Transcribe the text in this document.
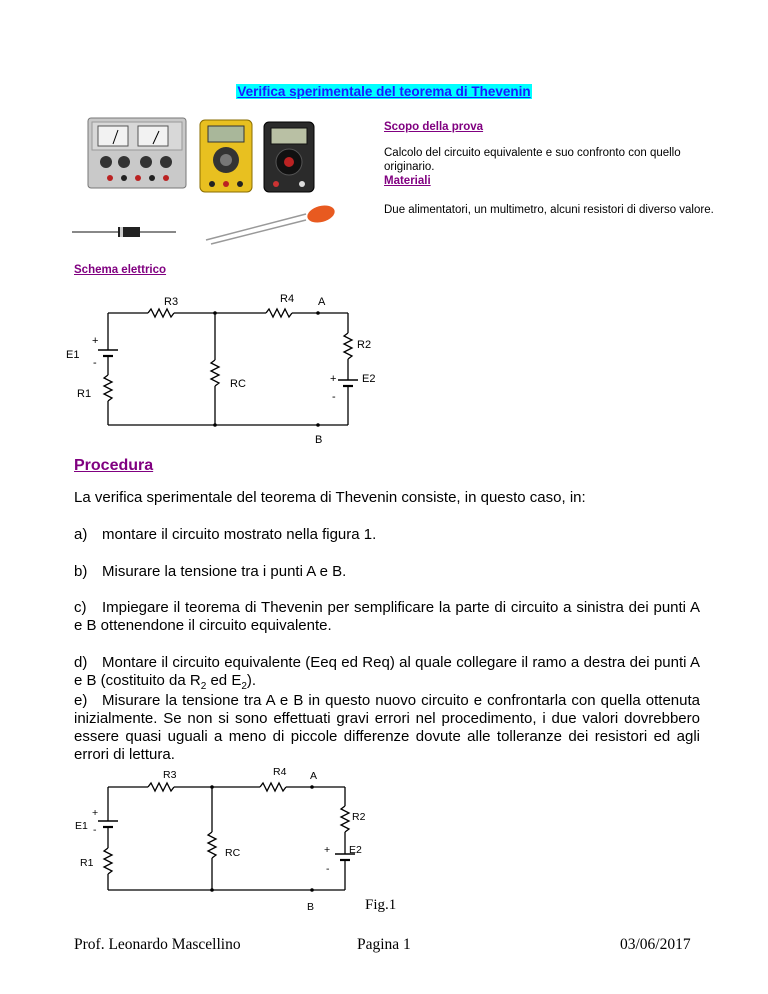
Verifica sperimentale del teorema di Thevenin
Scopo della prova
Calcolo del circuito equivalente e suo confronto con quello originario.
Materiali
Due alimentatori, un multimetro, alcuni resistori di diverso valore.
Schema elettrico
R3	R4 A
R2
+
E1
-
RC	+ E2
-
R1
B
Procedura
La verifica sperimentale del teorema di Thevenin consiste, in questo caso, in:
a) montare il circuito mostrato nella figura 1.
b) Misurare la tensione tra i punti A e B.
c) Impiegare il teorema di Thevenin per semplificare la parte di circuito a sinistra dei punti A e B ottenendone il circuito equivalente.
d) Montare il circuito equivalente (Eeq ed Req) al quale collegare il ramo a destra dei punti A e B (costituito da $R_2$ ed $E_2$).
e) Misurare la tensione tra A e B in questo nuovo circuito e confrontarla con quella ottenuta inizialmente. Se non si sono effettuati gravi errori nel procedimento, i due valori dovrebbero essere quasi uguali a meno di piccole differenze dovute alle tolleranze dei resistori ed agli errori di lettura.
R3	R4 A
R2
+
E1 -
RC	+ E2
-
R1
B	Fig.1
Prof. Leonardo Mascellino	Pagina 1	03/06/2017
